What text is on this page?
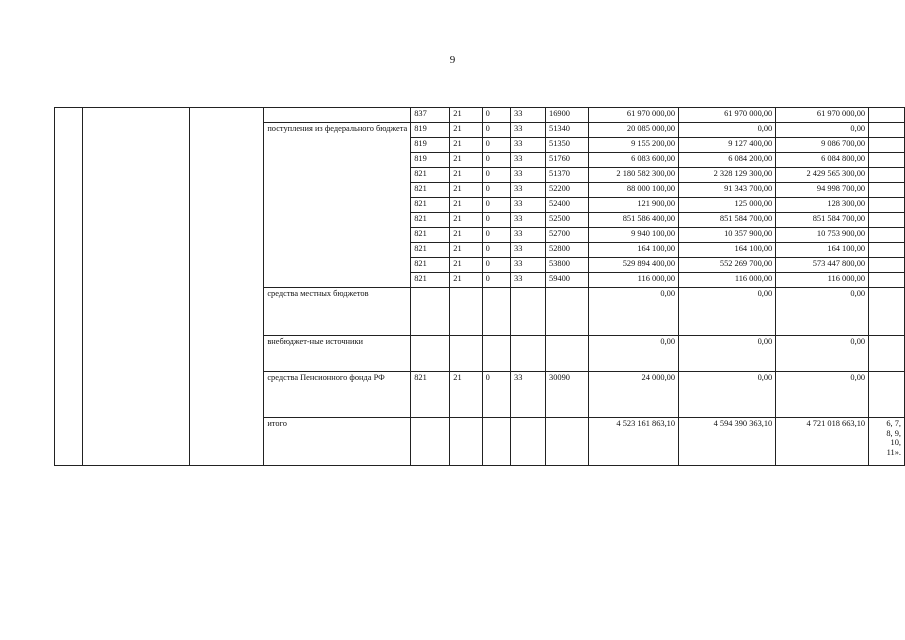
9
				837	21	0	33	16900	61 970 000,00	61 970 000,00	61 970 000,00	
			поступления из федерального бюджета	819	21	0	33	51340	20 085 000,00	0,00	0,00	
				819	21	0	33	51350	9 155 200,00	9 127 400,00	9 086 700,00	
				819	21	0	33	51760	6 083 600,00	6 084 200,00	6 084 800,00	
				821	21	0	33	51370	2 180 582 300,00	2 328 129 300,00	2 429 565 300,00	
				821	21	0	33	52200	88 000 100,00	91 343 700,00	94 998 700,00	
				821	21	0	33	52400	121 900,00	125 000,00	128 300,00	
				821	21	0	33	52500	851 586 400,00	851 584 700,00	851 584 700,00	
				821	21	0	33	52700	9 940 100,00	10 357 900,00	10 753 900,00	
				821	21	0	33	52800	164 100,00	164 100,00	164 100,00	
				821	21	0	33	53800	529 894 400,00	552 269 700,00	573 447 800,00	
				821	21	0	33	59400	116 000,00	116 000,00	116 000,00	
			средства местных бюджетов						0,00	0,00	0,00	
			внебюджет-ные источники						0,00	0,00	0,00	
			средства Пенсионного фонда РФ	821	21	0	33	30090	24 000,00	0,00	0,00	
			итого						4 523 161 863,10	4 594 390 363,10	4 721 018 663,10	6, 7,
8, 9,
10,
11».
